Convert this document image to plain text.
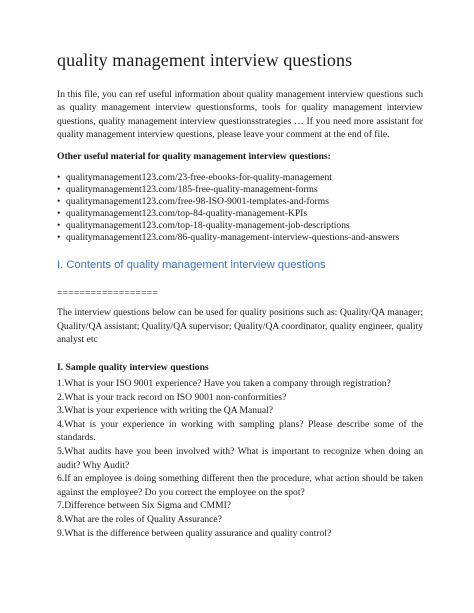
quality management interview questions

In this file, you can ref useful information about quality management interview questions such as quality management interview questionsforms, tools for quality management interview questions, quality management interview questionsstrategies … If you need more assistant for quality management interview questions, please leave your comment at the end of file.

Other useful material for quality management interview questions:

• qualitymanagement123.com/23-free-ebooks-for-quality-management
• qualitymanagement123.com/185-free-quality-management-forms
• qualitymanagement123.com/free-98-ISO-9001-templates-and-forms
• qualitymanagement123.com/top-84-quality-management-KPIs
• qualitymanagement123.com/top-18-quality-management-job-descriptions
• qualitymanagement123.com/86-quality-management-interview-questions-and-answers
I. Contents of quality management interview questions

==================

The interview questions below can be used for quality positions such as: Quality/QA manager; Quality/QA assistant; Quality/QA supervisor; Quality/QA coordinator, quality engineer, quality analyst etc

I. Sample quality interview questions

1.What is your ISO 9001 experience? Have you taken a company through registration?
2.What is your track record on ISO 9001 non-conformities?
3.What is your experience with writing the QA Manual?
4.What is your experience in working with sampling plans? Please describe some of the standards.
5.What audits have you been involved with? What is important to recognize when doing an audit? Why Audit?
6.If an employee is doing something different then the procedure, what action should be taken against the employee? Do you correct the employee on the spot?
7.Difference between Six Sigma and CMMI?
8.What are the roles of Quality Assurance?
9.What is the difference between quality assurance and quality control?
